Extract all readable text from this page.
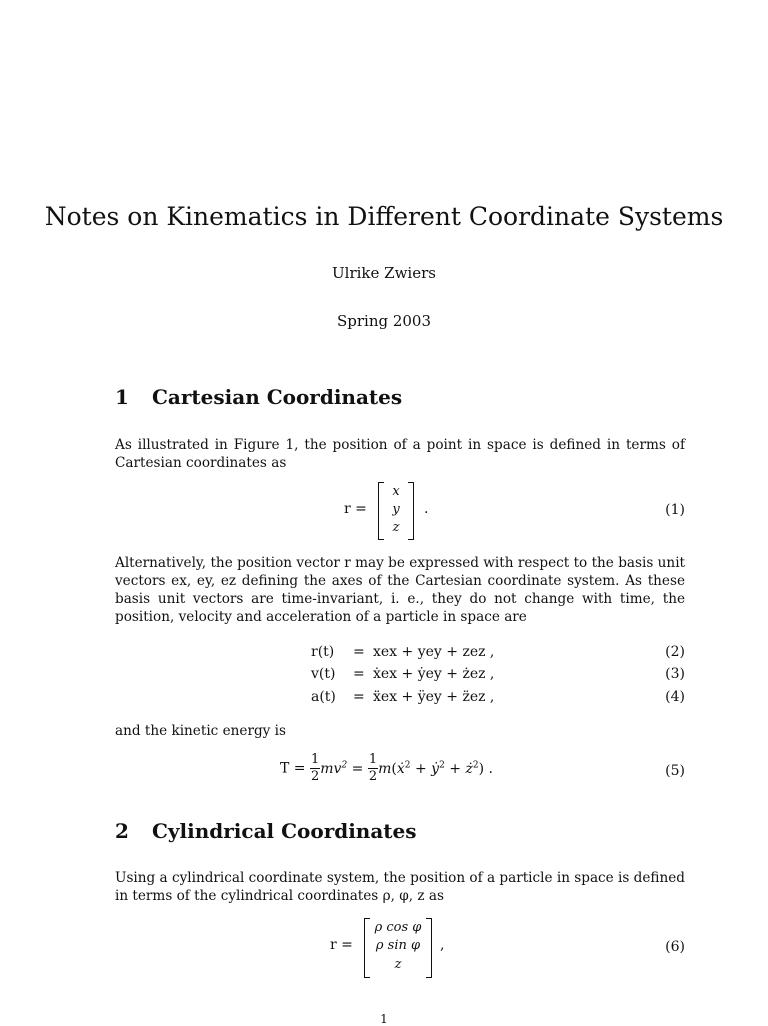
Notes on Kinematics in Different Coordinate Systems
Ulrike Zwiers
Spring 2003
1 Cartesian Coordinates
As illustrated in Figure 1, the position of a point in space is defined in terms of Cartesian coordinates as
r =
x
y
z
.	(1)
Alternatively, the position vector r may be expressed with respect to the basis unit vectors ex, ey, ez defining the axes of the Cartesian coordinate system. As these basis unit vectors are time-invariant, i. e., they do not change with time, the position, velocity and acceleration of a particle in space are
r(t) = xex + yey + zez ,	(2)
v(t) = ẋex + ẏey + żez ,	(3)
a(t) = ẍex + ÿey + z̈ez ,	(4)
and the kinetic energy is
$T = \frac{1}{2} mv^2 = \frac{1}{2}$ m(ẋ$^2$ + ẏ$^2$ + $ż^2$) .	(5)
2 Cylindrical Coordinates
Using a cylindrical coordinate system, the position of a particle in space is defined in terms of the cylindrical coordinates ρ, φ, z as
r =
ρ cos φ
ρ sin φ
z
,	(6)
1
